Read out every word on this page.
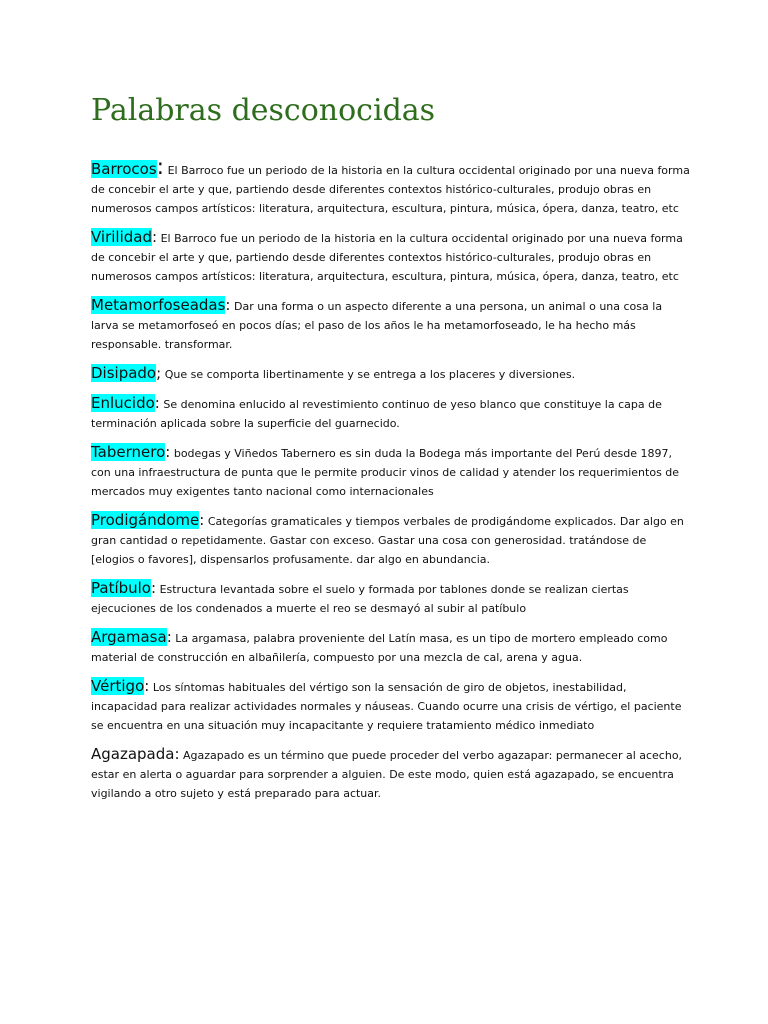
Palabras desconocidas

Barrocos: El Barroco fue un periodo de la historia en la cultura occidental originado por una nueva forma de concebir el arte y que, partiendo desde diferentes contextos histórico-culturales, produjo obras en numerosos campos artísticos: literatura, arquitectura, escultura, pintura, música, ópera, danza, teatro, etc

Virilidad: El Barroco fue un periodo de la historia en la cultura occidental originado por una nueva forma de concebir el arte y que, partiendo desde diferentes contextos histórico-culturales, produjo obras en numerosos campos artísticos: literatura, arquitectura, escultura, pintura, música, ópera, danza, teatro, etc

Metamorfoseadas: Dar una forma o un aspecto diferente a una persona, un animal o una cosa la larva se metamorfoseó en pocos días; el paso de los años le ha metamorfoseado, le ha hecho más responsable. transformar.

Disipado; Que se comporta libertinamente y se entrega a los placeres y diversiones.

Enlucido: Se denomina enlucido al revestimiento continuo de yeso blanco que constituye la capa de terminación aplicada sobre la superficie del guarnecido.

Tabernero: bodegas y Viñedos Tabernero es sin duda la Bodega más importante del Perú desde 1897, con una infraestructura de punta que le permite producir vinos de calidad y atender los requerimientos de mercados muy exigentes tanto nacional como internacionales

Prodigándome: Categorías gramaticales y tiempos verbales de prodigándome explicados. Dar algo en gran cantidad o repetidamente. Gastar con exceso. Gastar una cosa con generosidad. tratándose de [elogios o favores], dispensarlos profusamente. dar algo en abundancia.

Patíbulo: Estructura levantada sobre el suelo y formada por tablones donde se realizan ciertas ejecuciones de los condenados a muerte el reo se desmayó al subir al patíbulo

Argamasa: La argamasa, palabra proveniente del Latín masa, es un tipo de mortero empleado como material de construcción en albañilería, compuesto por una mezcla de cal, arena y agua.

Vértigo: Los síntomas habituales del vértigo son la sensación de giro de objetos, inestabilidad, incapacidad para realizar actividades normales y náuseas. Cuando ocurre una crisis de vértigo, el paciente se encuentra en una situación muy incapacitante y requiere tratamiento médico inmediato

Agazapada: Agazapado es un término que puede proceder del verbo agazapar: permanecer al acecho, estar en alerta o aguardar para sorprender a alguien. De este modo, quien está agazapado, se encuentra vigilando a otro sujeto y está preparado para actuar.
